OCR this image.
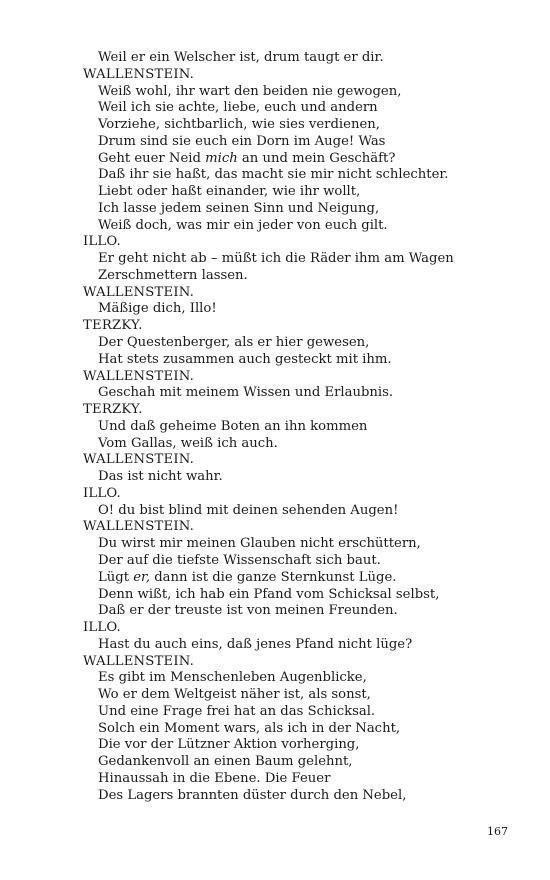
Weil er ein Welscher ist, drum taugt er dir.
WALLENSTEIN.
Weiß wohl, ihr wart den beiden nie gewogen,
Weil ich sie achte, liebe, euch und andern
Vorziehe, sichtbarlich, wie sies verdienen,
Drum sind sie euch ein Dorn im Auge! Was
Geht euer Neid mich an und mein Geschäft?
Daß ihr sie haßt, das macht sie mir nicht schlechter.
Liebt oder haßt einander, wie ihr wollt,
Ich lasse jedem seinen Sinn und Neigung,
Weiß doch, was mir ein jeder von euch gilt.
ILLO.
Er geht nicht ab – müßt ich die Räder ihm am Wagen
Zerschmettern lassen.
WALLENSTEIN.
Mäßige dich, Illo!
TERZKY.
Der Questenberger, als er hier gewesen,
Hat stets zusammen auch gesteckt mit ihm.
WALLENSTEIN.
Geschah mit meinem Wissen und Erlaubnis.
TERZKY.
Und daß geheime Boten an ihn kommen
Vom Gallas, weiß ich auch.
WALLENSTEIN.
Das ist nicht wahr.
ILLO.
O! du bist blind mit deinen sehenden Augen!
WALLENSTEIN.
Du wirst mir meinen Glauben nicht erschüttern,
Der auf die tiefste Wissenschaft sich baut.
Lügt er, dann ist die ganze Sternkunst Lüge.
Denn wißt, ich hab ein Pfand vom Schicksal selbst,
Daß er der treuste ist von meinen Freunden.
ILLO.
Hast du auch eins, daß jenes Pfand nicht lüge?
WALLENSTEIN.
Es gibt im Menschenleben Augenblicke,
Wo er dem Weltgeist näher ist, als sonst,
Und eine Frage frei hat an das Schicksal.
Solch ein Moment wars, als ich in der Nacht,
Die vor der Lützner Aktion vorherging,
Gedankenvoll an einen Baum gelehnt,
Hinaussah in die Ebene. Die Feuer
Des Lagers brannten düster durch den Nebel,
167
